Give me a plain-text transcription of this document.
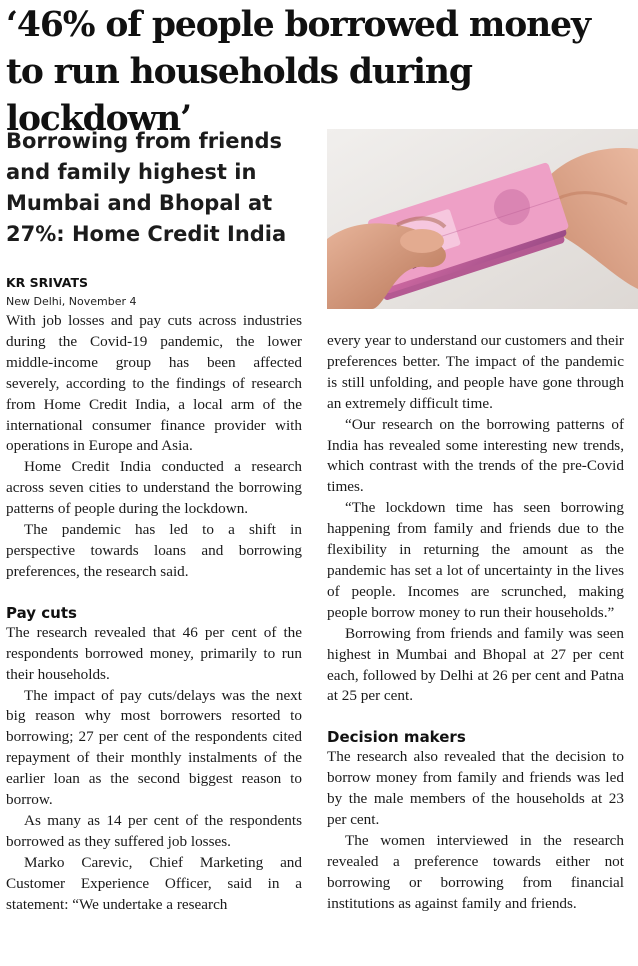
‘46% of people borrowed money to run households during lockdown’
Borrowing from friends and family highest in Mumbai and Bhopal at 27%: Home Credit India
KR SRIVATS
New Delhi, November 4

With job losses and pay cuts across industries during the Covid-19 pandemic, the lower middle-income group has been affected severely, according to the findings of research from Home Credit India, a local arm of the international consumer finance provider with operations in Europe and Asia.

Home Credit India conducted a research across seven cities to understand the borrowing patterns of people during the lockdown.

The pandemic has led to a shift in perspective towards loans and borrowing preferences, the research said.

Pay cuts

The research revealed that 46 per cent of the respondents borrowed money, primarily to run their households.

The impact of pay cuts/delays was the next big reason why most borrowers resorted to borrowing; 27 per cent of the respondents cited repayment of their monthly instalments of the earlier loan as the second biggest reason to borrow.

As many as 14 per cent of the respondents borrowed as they suffered job losses.

Marko Carevic, Chief Marketing and Customer Experience Officer, said in a statement: “We undertake a research

every year to understand our customers and their preferences better. The impact of the pandemic is still unfolding, and people have gone through an extremely difficult time.

“Our research on the borrowing patterns of India has revealed some interesting new trends, which contrast with the trends of the pre-Covid times.

“The lockdown time has seen borrowing happening from family and friends due to the flexibility in returning the amount as the pandemic has set a lot of uncertainty in the lives of people. Incomes are scrunched, making people borrow money to run their households.”

Borrowing from friends and family was seen highest in Mumbai and Bhopal at 27 per cent each, followed by Delhi at 26 per cent and Patna at 25 per cent.

Decision makers

The research also revealed that the decision to borrow money from family and friends was led by the male members of the households at 23 per cent.

The women interviewed in the research revealed a preference towards either not borrowing or borrowing from financial institutions as against family and friends.
